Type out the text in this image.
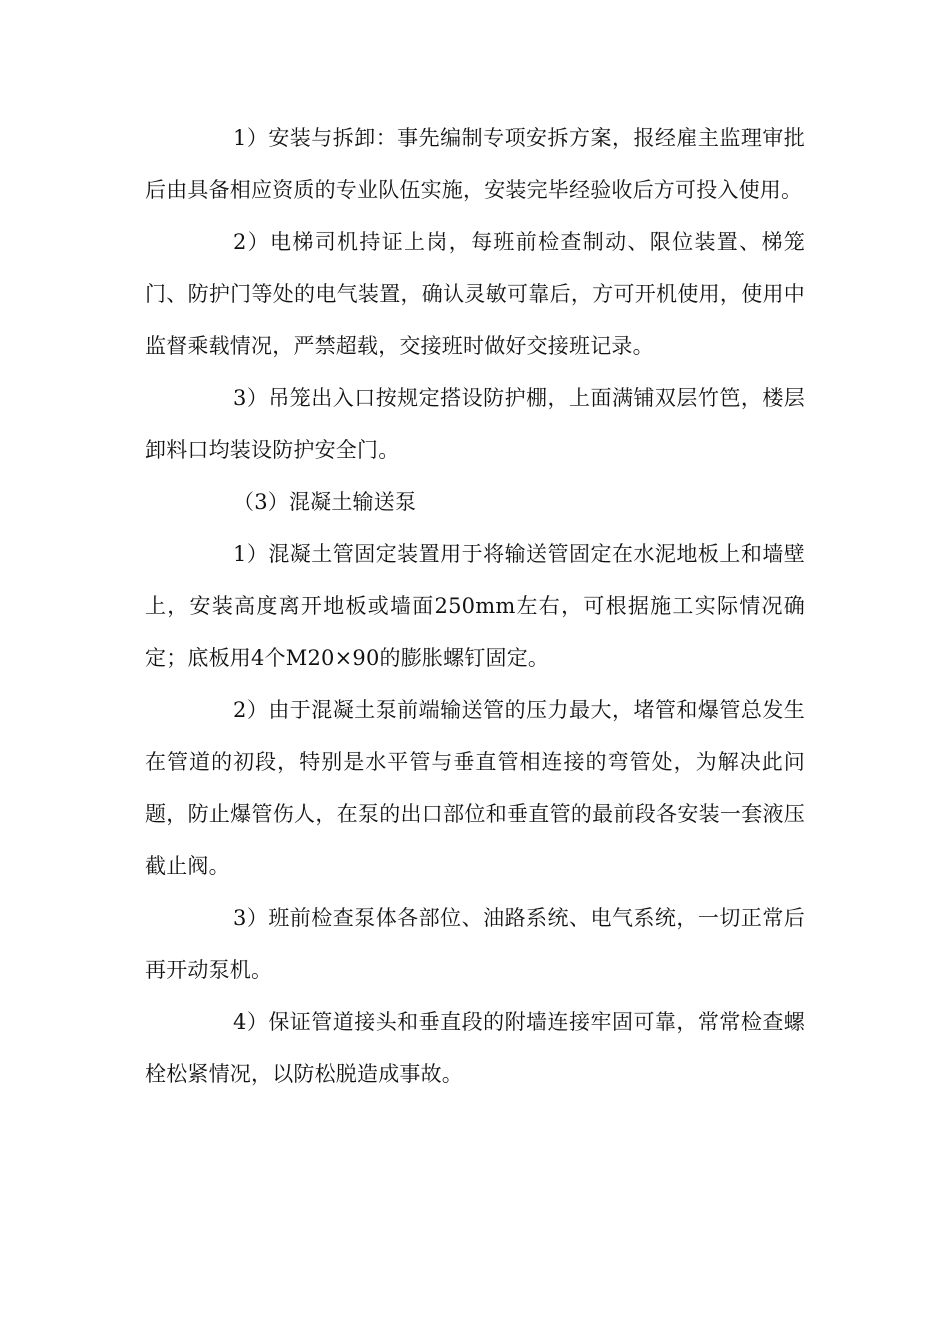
1）安装与拆卸：事先编制专项安拆方案，报经雇主监理审批后由具备相应资质的专业队伍实施，安装完毕经验收后方可投入使用。

2）电梯司机持证上岗，每班前检查制动、限位装置、梯笼门、防护门等处的电气装置，确认灵敏可靠后，方可开机使用，使用中监督乘载情况，严禁超载，交接班时做好交接班记录。

3）吊笼出入口按规定搭设防护棚，上面满铺双层竹笆，楼层卸料口均装设防护安全门。

（3）混凝土输送泵

1）混凝土管固定装置用于将输送管固定在水泥地板上和墙壁上，安装高度离开地板或墙面250mm左右，可根据施工实际情况确定；底板用4个M20×90的膨胀螺钉固定。

2）由于混凝土泵前端输送管的压力最大，堵管和爆管总发生在管道的初段，特别是水平管与垂直管相连接的弯管处，为解决此问题，防止爆管伤人，在泵的出口部位和垂直管的最前段各安装一套液压截止阀。

3）班前检查泵体各部位、油路系统、电气系统，一切正常后再开动泵机。

4）保证管道接头和垂直段的附墙连接牢固可靠，常常检查螺栓松紧情况，以防松脱造成事故。
